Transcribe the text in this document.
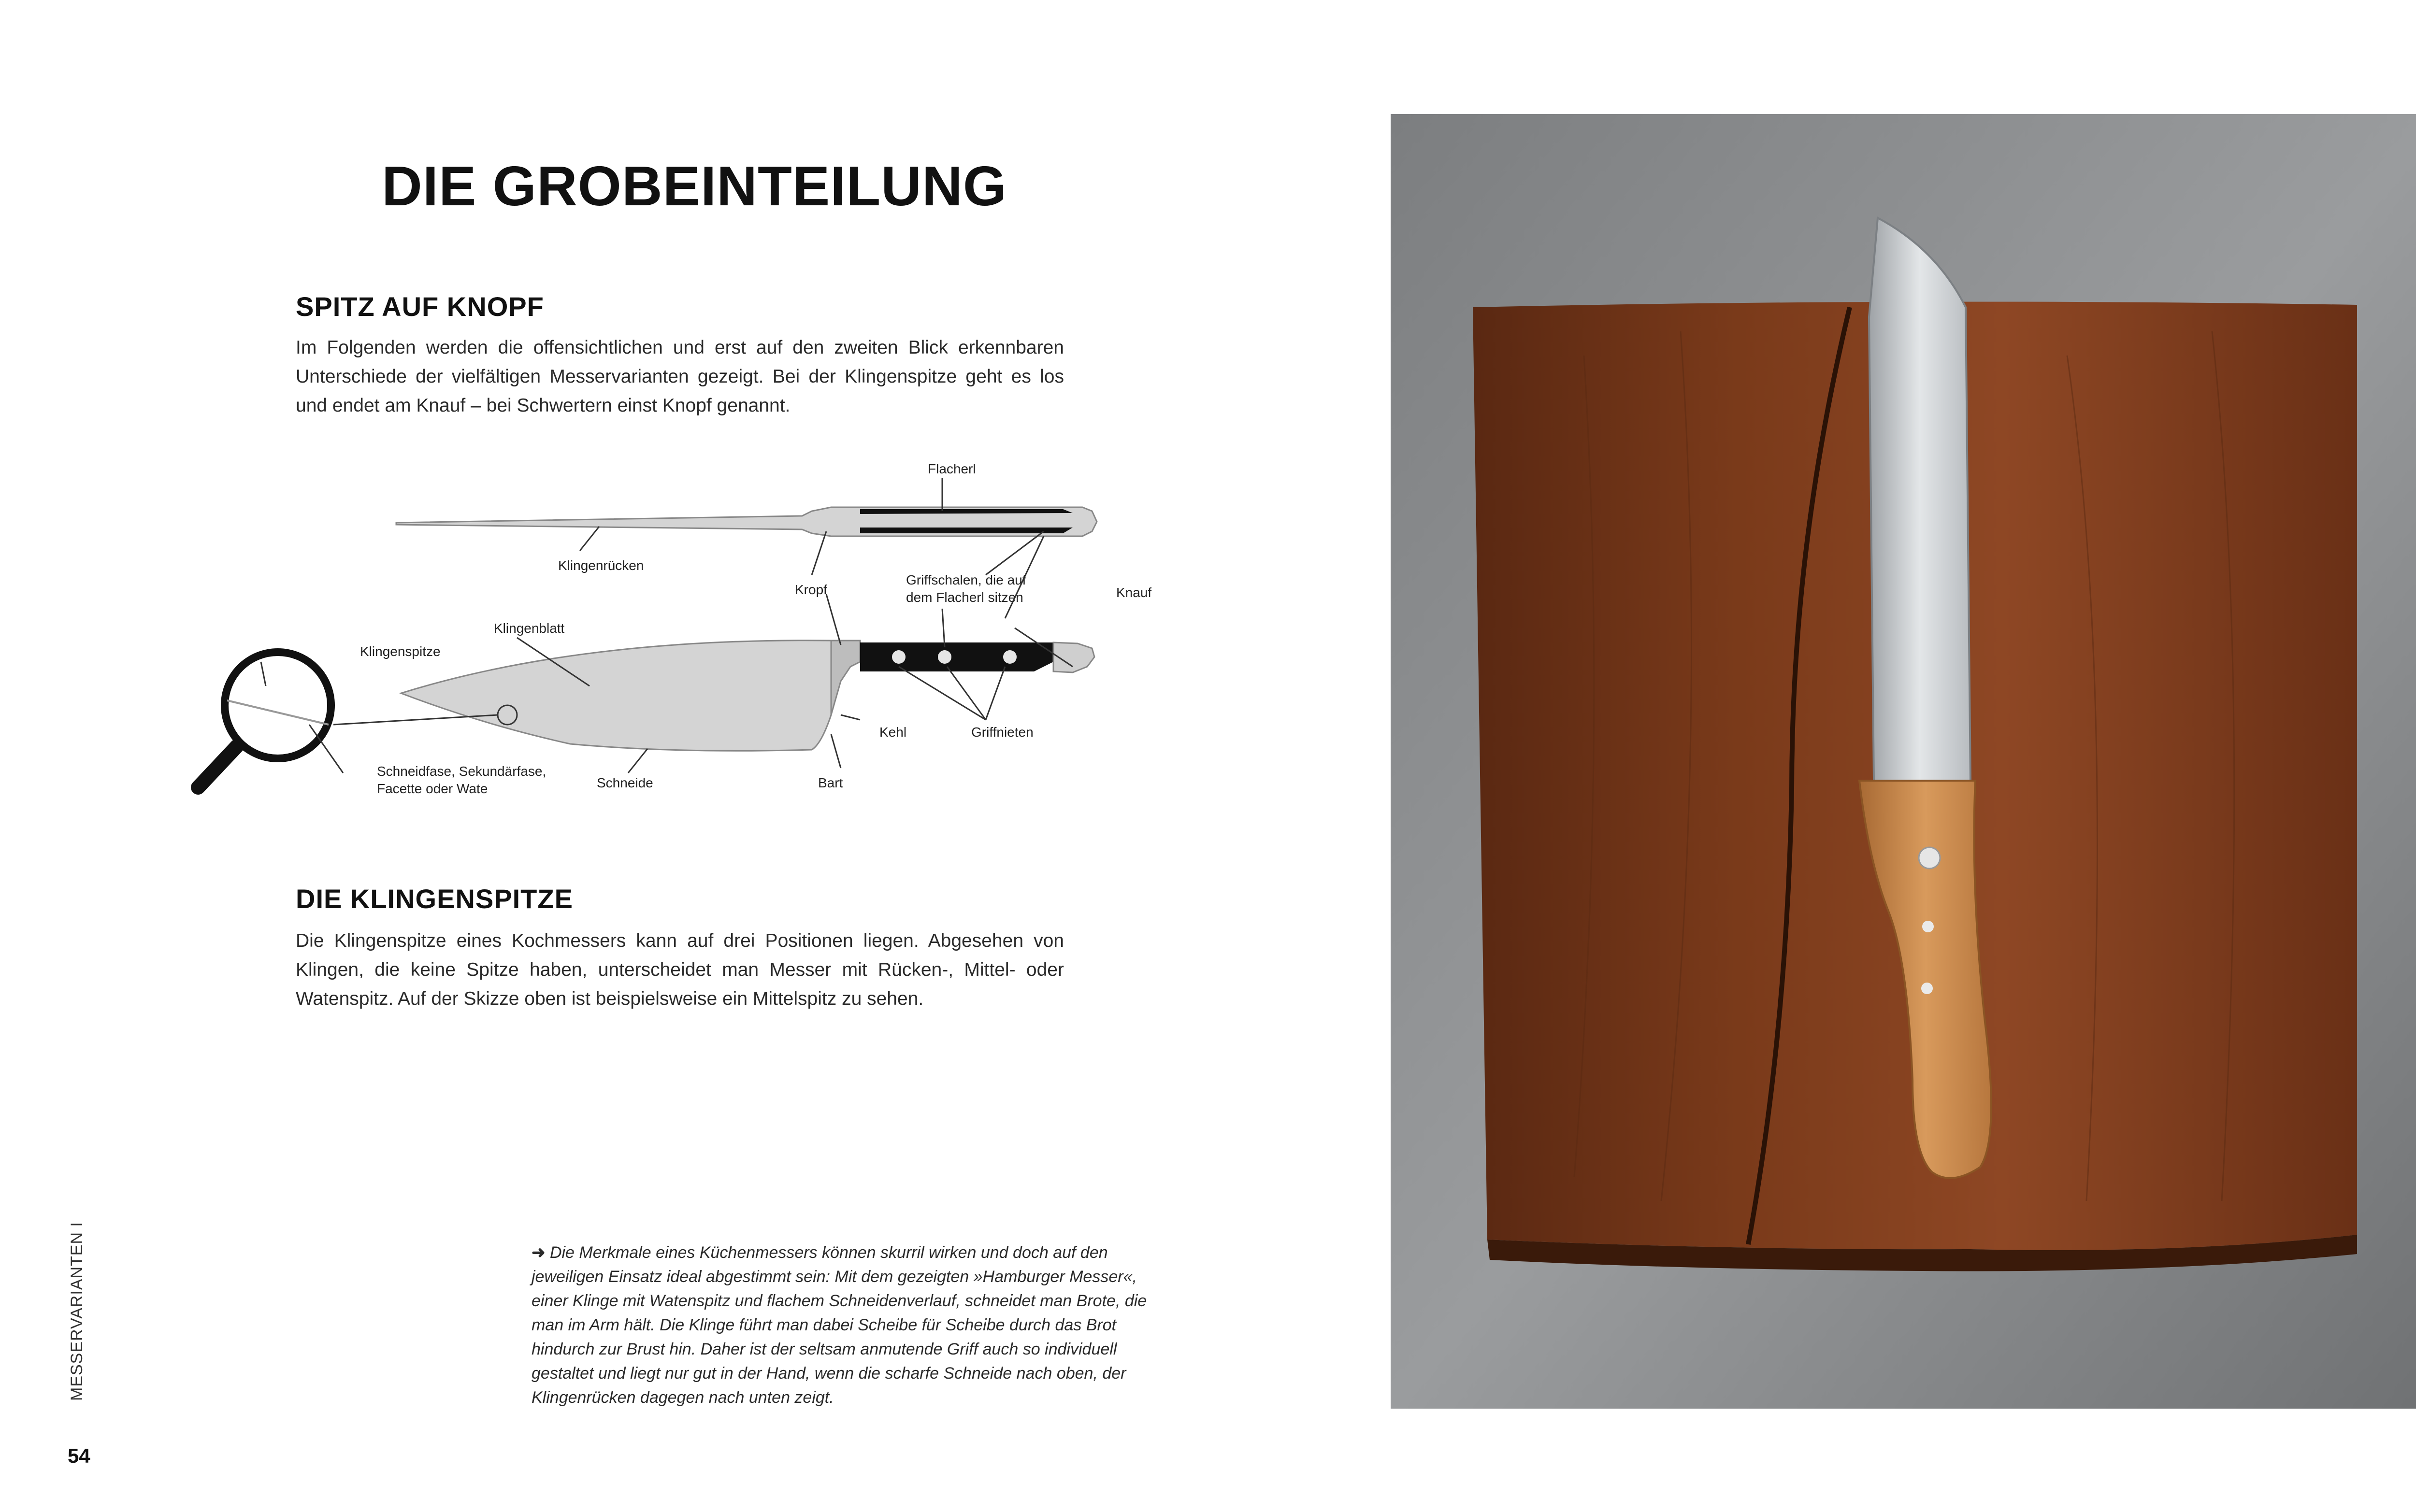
DIE GROBEINTEILUNG
SPITZ AUF KNOPF
Im Folgenden werden die offensichtlichen und erst auf den zweiten Blick erkennbaren Unterschiede der vielfältigen Messervarianten gezeigt. Bei der Klingenspitze geht es los und endet am Knauf – bei Schwertern einst Knopf genannt.
Flacherl
Klingenrücken
Kropf
Griffschalen, die auf
dem Flacherl sitzen	Knauf
Klingenblatt
Klingenspitze
Kehl	Griffnieten
Schneidfase, Sekundärfase,
Facette oder Wate	Schneide	Bart
DIE KLINGENSPITZE
Die Klingenspitze eines Kochmessers kann auf drei Positionen liegen. Abgesehen von Klingen, die keine Spitze haben, unterscheidet man Messer mit Rücken-, Mittel- oder Watenspitz. Auf der Skizze oben ist beispielsweise ein Mittelspitz zu sehen.
➜ Die Merkmale eines Küchenmessers können skurril wirken und doch auf den jeweiligen Einsatz ideal abgestimmt sein: Mit dem gezeigten »Hamburger Messer«, einer Klinge mit Watenspitz und flachem Schneidenverlauf, schneidet man Brote, die man im Arm hält. Die Klinge führt man dabei Scheibe für Scheibe durch das Brot hindurch zur Brust hin. Daher ist der seltsam anmutende Griff auch so individuell gestaltet und liegt nur gut in der Hand, wenn die scharfe Schneide nach oben, der Klingenrücken dagegen nach unten zeigt.
MESSERVARIANTEN I
54
